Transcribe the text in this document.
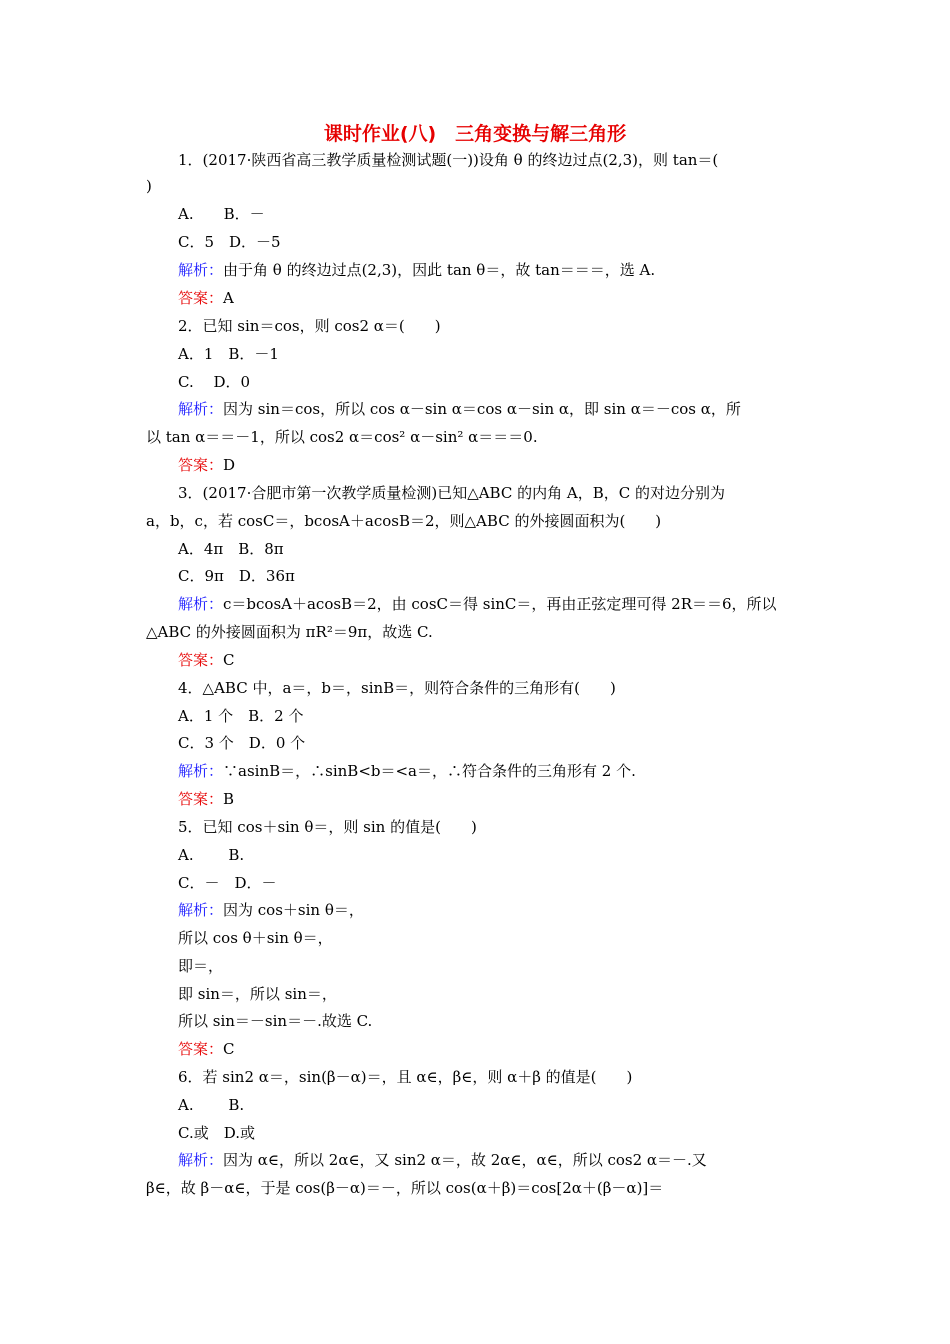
课时作业(八)　三角变换与解三角形
1．(2017·陕西省高三教学质量检测试题(一))设角 θ 的终边过点(2,3)，则 tan＝(
)
A.　　B．－
C．5　D．－5
解析：由于角 θ 的终边过点(2,3)，因此 tan θ＝，故 tan＝＝＝，选 A.
答案：A
2．已知 sin＝cos，则 cos2 α＝(　　)
A．1　B．－1
C.　 D．0
解析：因为 sin＝cos，所以 cos α－sin α＝cos α－sin α，即 sin α＝－cos α，所
以 tan α＝＝－1，所以 cos2 α＝cos² α－sin² α＝＝＝0.
答案：D
3．(2017·合肥市第一次教学质量检测)已知△ABC 的内角 A，B，C 的对边分别为
a，b，c，若 cosC＝，bcosA＋acosB＝2，则△ABC 的外接圆面积为(　　)
A．4π　B．8π
C．9π　D．36π
解析：c＝bcosA＋acosB＝2，由 cosC＝得 sinC＝，再由正弦定理可得 2R＝＝6，所以
△ABC 的外接圆面积为 πR²＝9π，故选 C.
答案：C
4．△ABC 中，a＝，b＝，sinB＝，则符合条件的三角形有(　　)
A．1 个　B．2 个
C．3 个　D．0 个
解析：∵asinB＝，∴sinB<b＝<a＝，∴符合条件的三角形有 2 个.
答案：B
5．已知 cos＋sin θ＝，则 sin 的值是(　　)
A.　　 B.
C．－　D．－
解析：因为 cos＋sin θ＝，
所以 cos θ＋sin θ＝，
即＝，
即 sin＝，所以 sin＝，
所以 sin＝－sin＝－.故选 C.
答案：C
6．若 sin2 α＝，sin(β－α)＝，且 α∈，β∈，则 α＋β 的值是(　　)
A.　　 B.
C.或　D.或
解析：因为 α∈，所以 2α∈，又 sin2 α＝，故 2α∈，α∈，所以 cos2 α＝－.又
β∈，故 β－α∈，于是 cos(β－α)＝－，所以 cos(α＋β)＝cos[2α＋(β－α)]＝
